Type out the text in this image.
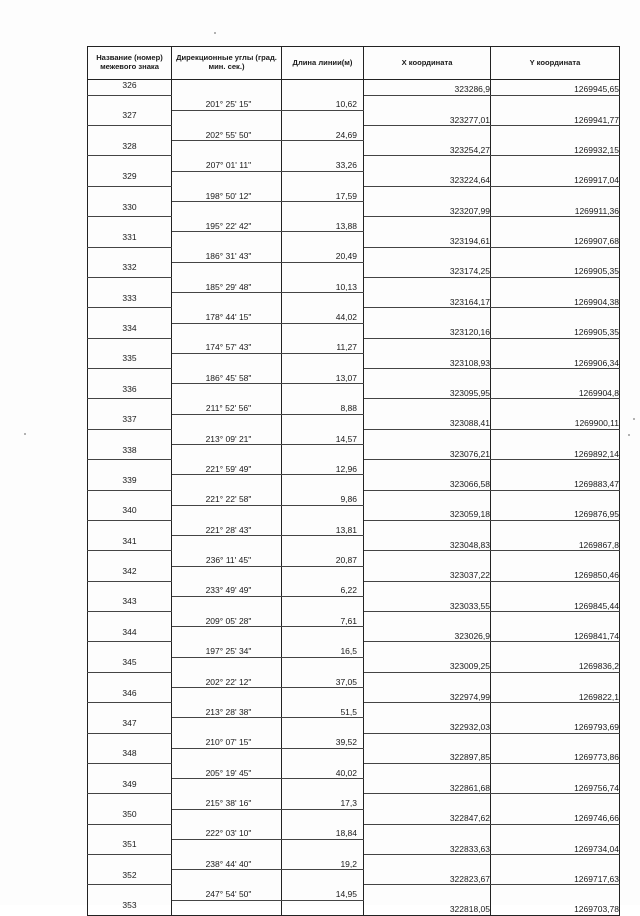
Название (номер) межевого знака	Дирекционные углы (град. мин. сек.)	Длина линии(м)	X координата	Y координата
326			323286,9	1269945,65
	201° 25' 15"	10,62		
327			323277,01	1269941,77
	202° 55' 50"	24,69		
328			323254,27	1269932,15
	207° 01' 11"	33,26		
329			323224,64	1269917,04
	198° 50' 12"	17,59		
330			323207,99	1269911,36
	195° 22' 42"	13,88		
331			323194,61	1269907,68
	186° 31' 43"	20,49		
332			323174,25	1269905,35
	185° 29' 48"	10,13		
333			323164,17	1269904,38
	178° 44' 15"	44,02		
334			323120,16	1269905,35
	174° 57' 43"	11,27		
335			323108,93	1269906,34
	186° 45' 58"	13,07		
336			323095,95	1269904,8
	211° 52' 56"	8,88		
337			323088,41	1269900,11
	213° 09' 21"	14,57		
338			323076,21	1269892,14
	221° 59' 49"	12,96		
339			323066,58	1269883,47
	221° 22' 58"	9,86		
340			323059,18	1269876,95
	221° 28' 43"	13,81		
341			323048,83	1269867,8
	236° 11' 45"	20,87		
342			323037,22	1269850,46
	233° 49' 49"	6,22		
343			323033,55	1269845,44
	209° 05' 28"	7,61		
344			323026,9	1269841,74
	197° 25' 34"	16,5		
345			323009,25	1269836,2
	202° 22' 12"	37,05		
346			322974,99	1269822,1
	213° 28' 38"	51,5		
347			322932,03	1269793,69
	210° 07' 15"	39,52		
348			322897,85	1269773,86
	205° 19' 45"	40,02		
349			322861,68	1269756,74
	215° 38' 16"	17,3		
350			322847,62	1269746,66
	222° 03' 10"	18,84		
351			322833,63	1269734,04
	238° 44' 40"	19,2		
352			322823,67	1269717,63
	247° 54' 50"	14,95		
353			322818,05	1269703,78
